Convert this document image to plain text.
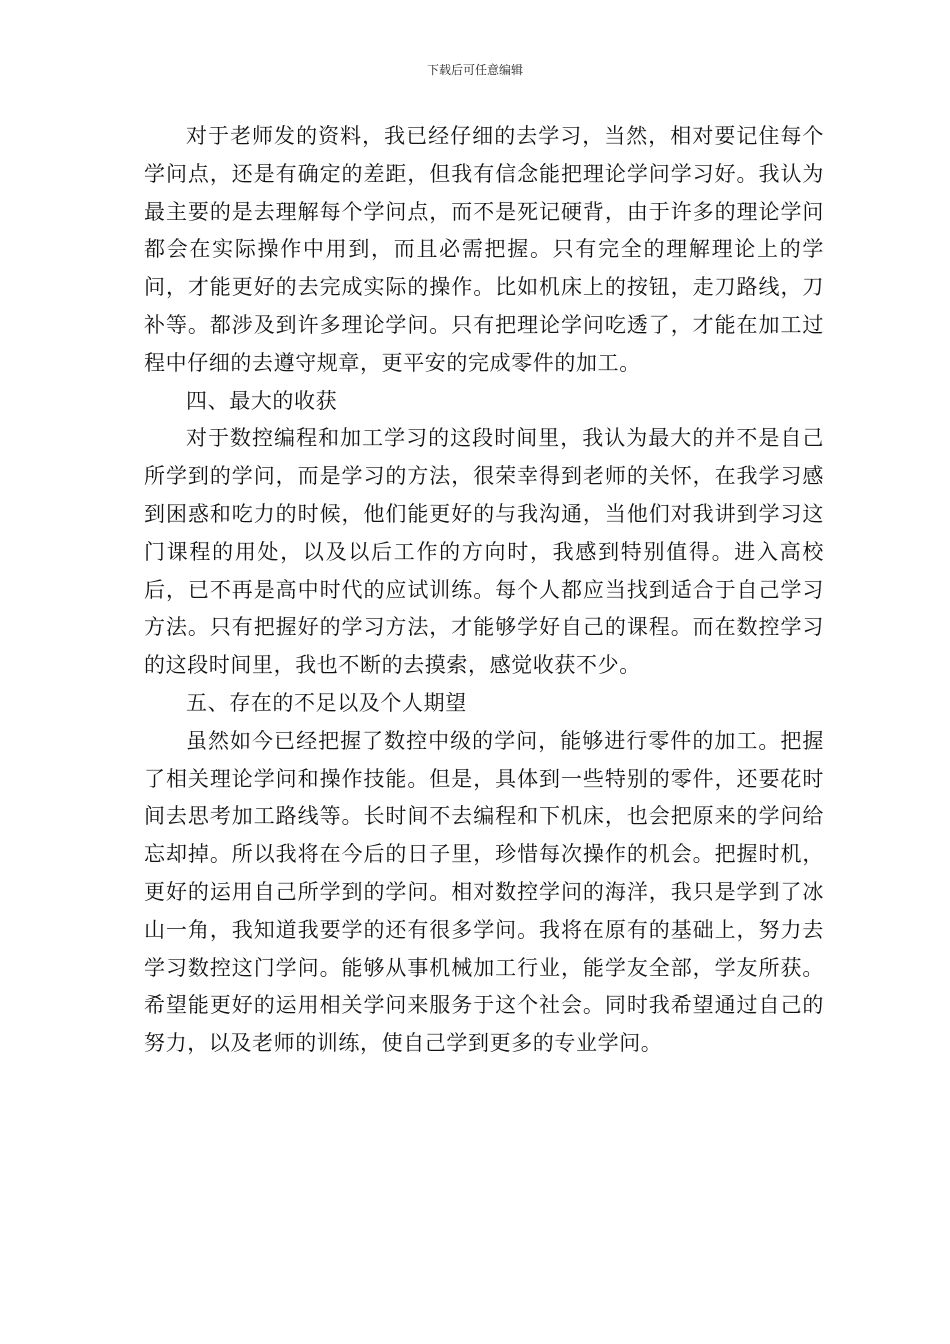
下载后可任意编辑

对于老师发的资料，我已经仔细的去学习，当然，相对要记住每个学问点，还是有确定的差距，但我有信念能把理论学问学习好。我认为最主要的是去理解每个学问点，而不是死记硬背，由于许多的理论学问都会在实际操作中用到，而且必需把握。只有完全的理解理论上的学问，才能更好的去完成实际的操作。比如机床上的按钮，走刀路线，刀补等。都涉及到许多理论学问。只有把理论学问吃透了，才能在加工过程中仔细的去遵守规章，更平安的完成零件的加工。

四、最大的收获

对于数控编程和加工学习的这段时间里，我认为最大的并不是自己所学到的学问，而是学习的方法，很荣幸得到老师的关怀，在我学习感到困惑和吃力的时候，他们能更好的与我沟通，当他们对我讲到学习这门课程的用处，以及以后工作的方向时，我感到特别值得。进入高校后，已不再是高中时代的应试训练。每个人都应当找到适合于自己学习方法。只有把握好的学习方法，才能够学好自己的课程。而在数控学习的这段时间里，我也不断的去摸索，感觉收获不少。

五、存在的不足以及个人期望

虽然如今已经把握了数控中级的学问，能够进行零件的加工。把握了相关理论学问和操作技能。但是，具体到一些特别的零件，还要花时间去思考加工路线等。长时间不去编程和下机床，也会把原来的学问给忘却掉。所以我将在今后的日子里，珍惜每次操作的机会。把握时机，更好的运用自己所学到的学问。相对数控学问的海洋，我只是学到了冰山一角，我知道我要学的还有很多学问。我将在原有的基础上，努力去学习数控这门学问。能够从事机械加工行业，能学友全部，学友所获。希望能更好的运用相关学问来服务于这个社会。同时我希望通过自己的努力，以及老师的训练，使自己学到更多的专业学问。
